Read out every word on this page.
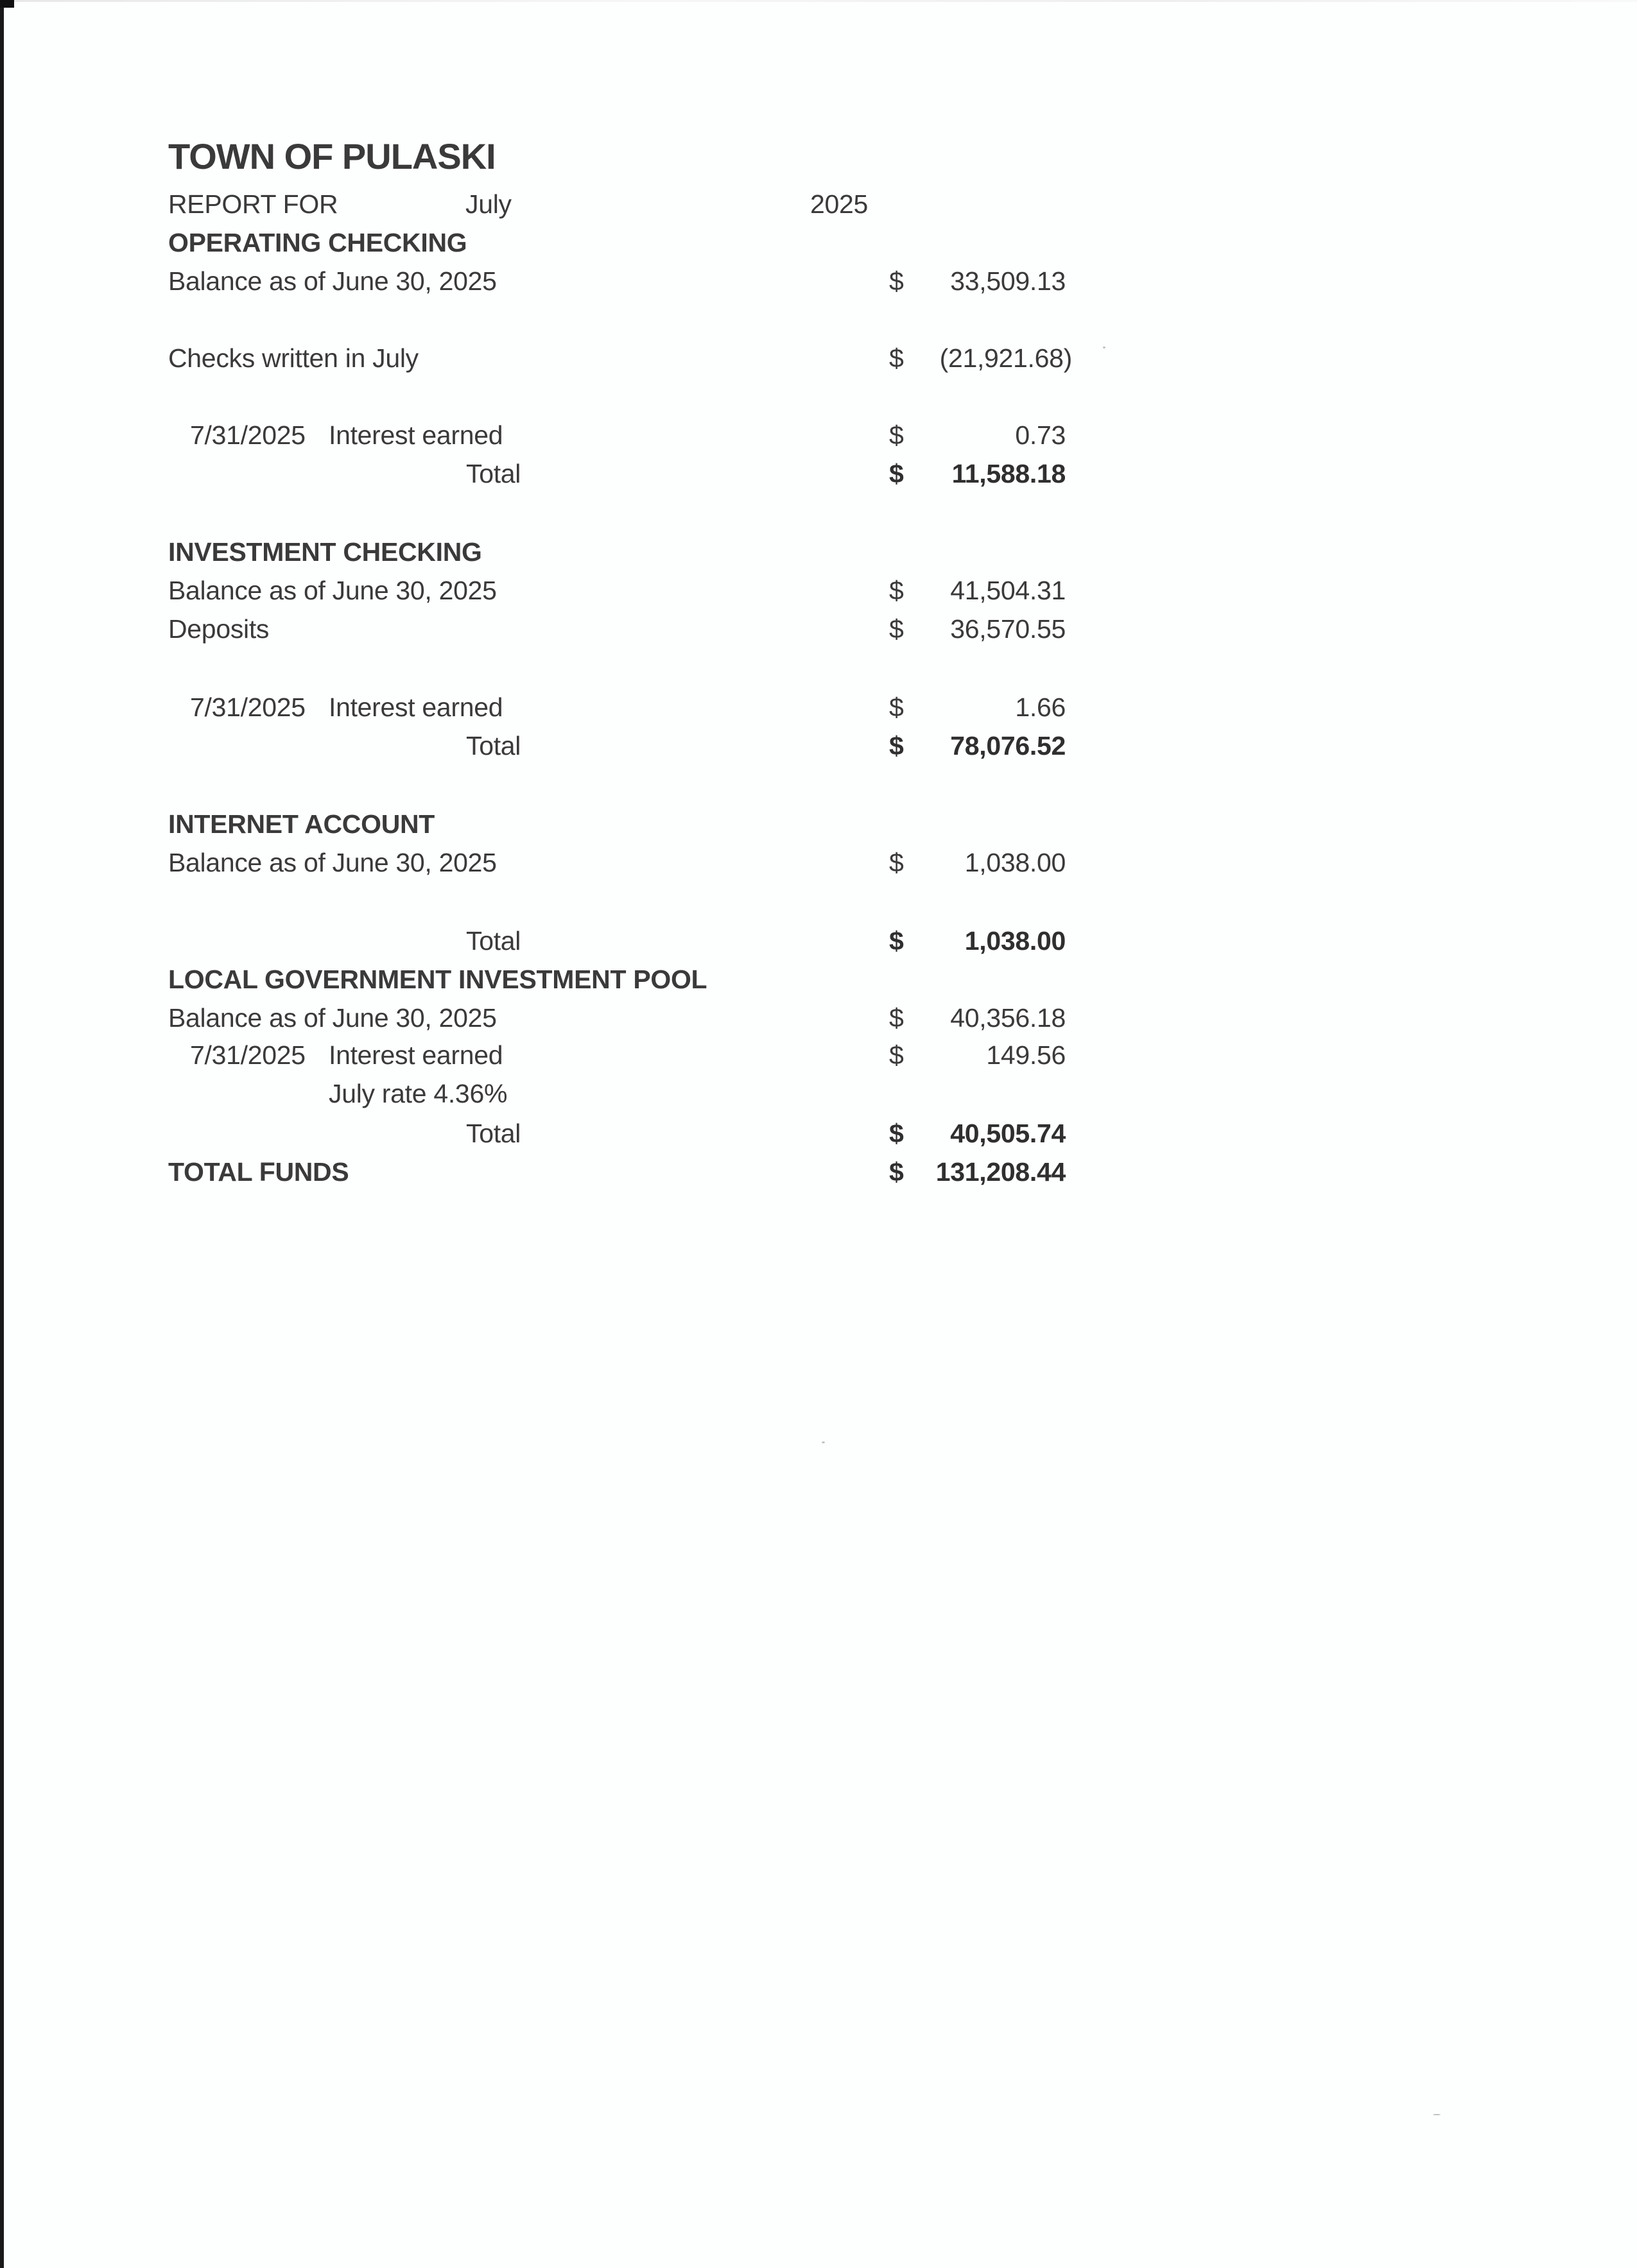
TOWN OF PULASKI
REPORT FOR	July	2025
OPERATING CHECKING
Balance as of June 30, 2025	$	33,509.13
Checks written in July	$	(21,921.68)
7/31/2025 Interest earned	$	0.73
Total	$	11,588.18
INVESTMENT CHECKING
Balance as of June 30, 2025	$	41,504.31
Deposits	$	36,570.55
7/31/2025 Interest earned	$	1.66
Total	$	78,076.52
INTERNET ACCOUNT
Balance as of June 30, 2025	$	1,038.00
Total	$	1,038.00
LOCAL GOVERNMENT INVESTMENT POOL
Balance as of June 30, 2025	$	40,356.18
7/31/2025 Interest earned	$	149.56
July rate 4.36%
Total	$	40,505.74
TOTAL FUNDS	$	131,208.44
